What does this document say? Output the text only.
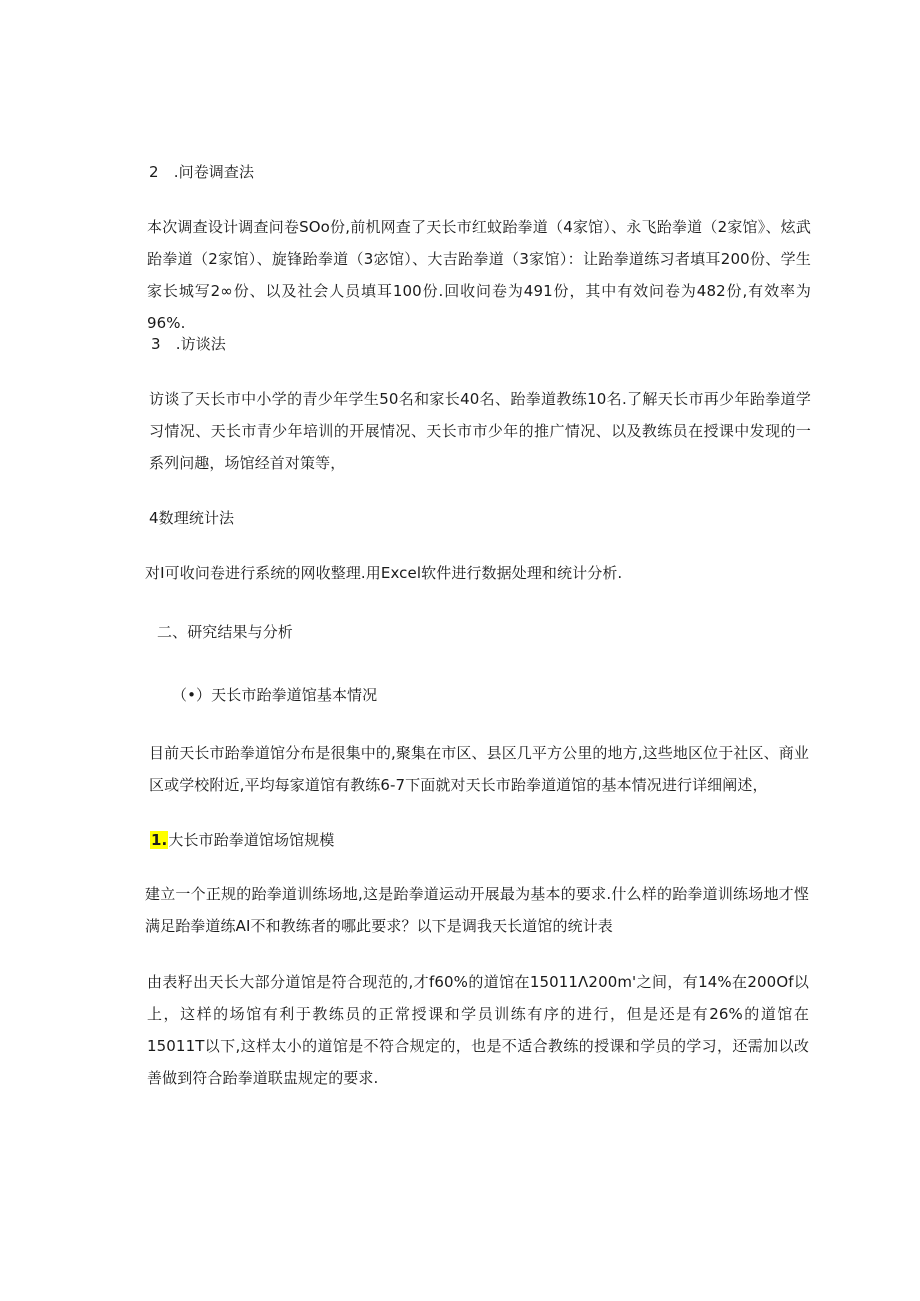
2　.问卷调查法

本次调查设计调查问卷SOo份,前机网查了天长市红蚊跆拳道（4家馆）、永飞跆拳道（2家馆》、炫武跆拳道（2家馆）、旋锋跆拳道（3宓馆）、大吉跆拳道（3家馆）：让跆拳道练习者填耳200份、学生家长城写2∞份、以及社会人员填耳100份.回收问卷为491份，其中有效问卷为482份,有效率为96%.

3　.访谈法

访谈了天长市中小学的青少年学生50名和家长40名、跆拳道教练10名.了解天长市再少年跆拳道学习情况、天长市青少年培训的开展情况、天长市市少年的推广情况、以及教练员在授课中发现的一系列问趣，场馆经首对策等，

4数理统计法

对I可收问卷进行系统的网收整理.用Excel软件进行数据处理和统计分析.

二、研究结果与分析
（•）天长市跆拳道馆基本情况

目前天长市跆拳道馆分布是很集中的,聚集在市区、县区几平方公里的地方,这些地区位于社区、商业区或学校附近,平均每家道馆有教练6-7下面就对天长市跆拳道道馆的基本情况进行详细阐述，

1.大长市跆拳道馆场馆规模

建立一个正规的跆拳道训练场地,这是跆拳道运动开展最为基本的要求.什么样的跆拳道训练场地才悭满足跆拳道练AI不和教练者的哪此要求？以下是调我天长道馆的统计表

由表籽出天长大部分道馆是符合现范的,才f60%的道馆在15011Λ200m'之间，有14%在200Of以上，这样的场馆有利于教练员的正常授课和学员训练有序的进行，但是还是有26%的道馆在15011T以下,这样太小的道馆是不符合规定的，也是不适合教练的授课和学员的学习，还需加以改善做到符合跆拳道联盅规定的要求.
